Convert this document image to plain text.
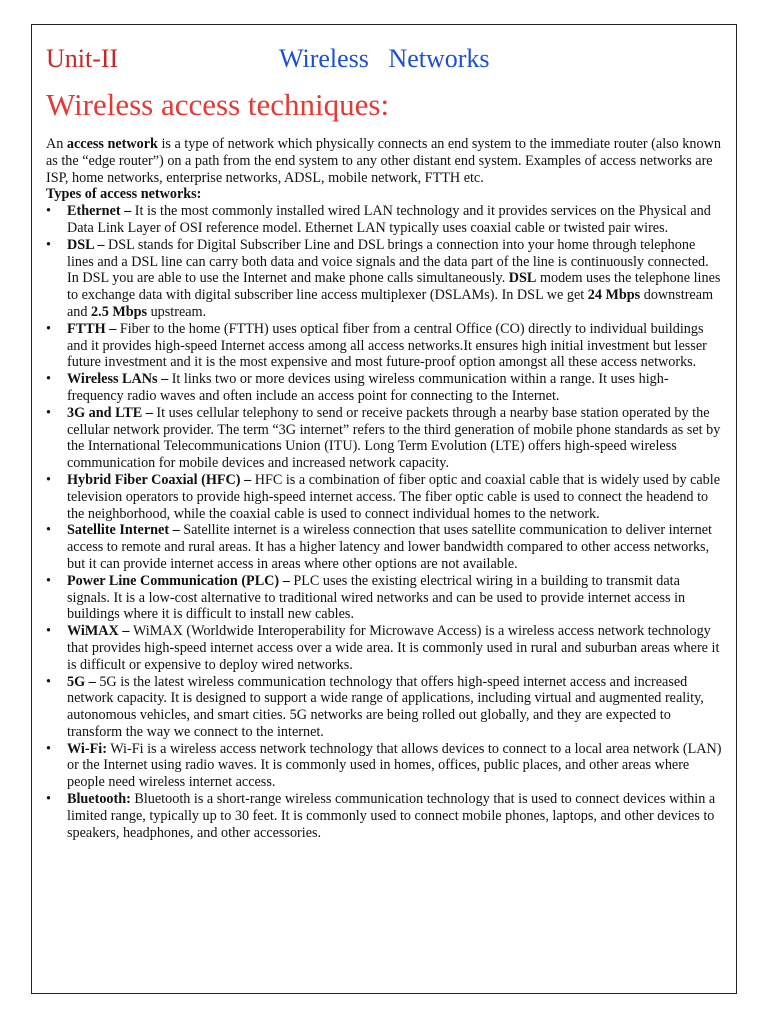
Unit-II	Wireless   Networks
Wireless access techniques:

An access network is a type of network which physically connects an end system to the immediate router (also known as the “edge router”) on a path from the end system to any other distant end system. Examples of access networks are ISP, home networks, enterprise networks, ADSL, mobile network, FTTH etc.

Types of access networks:

•	Ethernet – It is the most commonly installed wired LAN technology and it provides services on the Physical and Data Link Layer of OSI reference model. Ethernet LAN typically uses coaxial cable or twisted pair wires.
•	DSL – DSL stands for Digital Subscriber Line and DSL brings a connection into your home through telephone lines and a DSL line can carry both data and voice signals and the data part of the line is continuously connected. In DSL you are able to use the Internet and make phone calls simultaneously. DSL modem uses the telephone lines to exchange data with digital subscriber line access multiplexer (DSLAMs). In DSL we get 24 Mbps downstream and 2.5 Mbps upstream.
•	FTTH – Fiber to the home (FTTH) uses optical fiber from a central Office (CO) directly to individual buildings and it provides high-speed Internet access among all access networks.It ensures high initial investment but lesser future investment and it is the most expensive and most future-proof option amongst all these access networks.
•	Wireless LANs – It links two or more devices using wireless communication within a range. It uses high-frequency radio waves and often include an access point for connecting to the Internet.
•	3G and LTE – It uses cellular telephony to send or receive packets through a nearby base station operated by the cellular network provider. The term “3G internet” refers to the third generation of mobile phone standards as set by the International Telecommunications Union (ITU). Long Term Evolution (LTE) offers high-speed wireless communication for mobile devices and increased network capacity.
•	Hybrid Fiber Coaxial (HFC) – HFC is a combination of fiber optic and coaxial cable that is widely used by cable television operators to provide high-speed internet access. The fiber optic cable is used to connect the headend to the neighborhood, while the coaxial cable is used to connect individual homes to the network.
•	Satellite Internet – Satellite internet is a wireless connection that uses satellite communication to deliver internet access to remote and rural areas. It has a higher latency and lower bandwidth compared to other access networks, but it can provide internet access in areas where other options are not available.
•	Power Line Communication (PLC) – PLC uses the existing electrical wiring in a building to transmit data signals. It is a low-cost alternative to traditional wired networks and can be used to provide internet access in buildings where it is difficult to install new cables.
•	WiMAX – WiMAX (Worldwide Interoperability for Microwave Access) is a wireless access network technology that provides high-speed internet access over a wide area. It is commonly used in rural and suburban areas where it is difficult or expensive to deploy wired networks.
•	5G – 5G is the latest wireless communication technology that offers high-speed internet access and increased network capacity. It is designed to support a wide range of applications, including virtual and augmented reality, autonomous vehicles, and smart cities. 5G networks are being rolled out globally, and they are expected to transform the way we connect to the internet.
•	Wi-Fi: Wi-Fi is a wireless access network technology that allows devices to connect to a local area network (LAN) or the Internet using radio waves. It is commonly used in homes, offices, public places, and other areas where people need wireless internet access.
•	Bluetooth: Bluetooth is a short-range wireless communication technology that is used to connect devices within a limited range, typically up to 30 feet. It is commonly used to connect mobile phones, laptops, and other devices to speakers, headphones, and other accessories.
